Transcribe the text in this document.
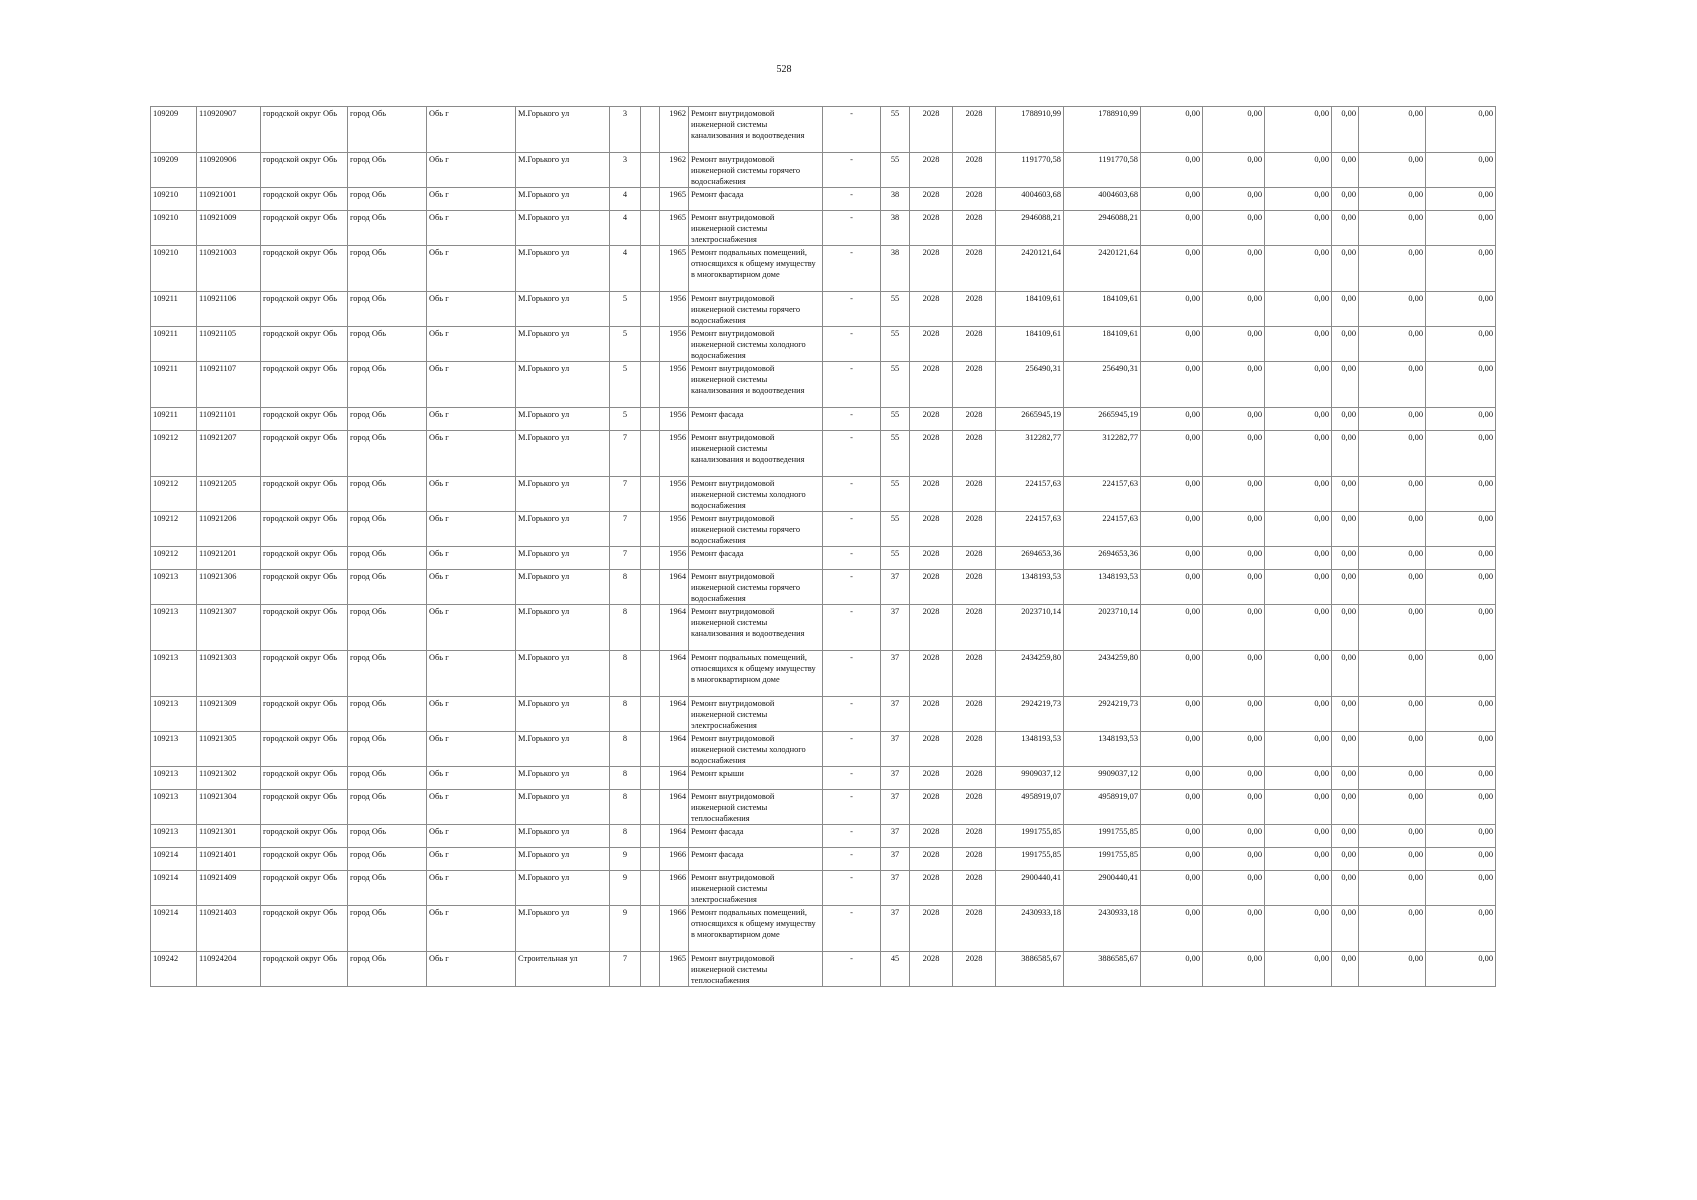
528
109209	110920907	городской округ Обь	город Обь	Обь г	М.Горького ул	3		1962	Ремонт внутридомовой инженерной системы канализования и водоотведения	-	55	2028	2028	1788910,99	1788910,99	0,00	0,00	0,00	0,00	0,00	0,00
109209	110920906	городской округ Обь	город Обь	Обь г	М.Горького ул	3		1962	Ремонт внутридомовой инженерной системы горячего водоснабжения	-	55	2028	2028	1191770,58	1191770,58	0,00	0,00	0,00	0,00	0,00	0,00
109210	110921001	городской округ Обь	город Обь	Обь г	М.Горького ул	4		1965	Ремонт фасада	-	38	2028	2028	4004603,68	4004603,68	0,00	0,00	0,00	0,00	0,00	0,00
109210	110921009	городской округ Обь	город Обь	Обь г	М.Горького ул	4		1965	Ремонт внутридомовой инженерной системы электроснабжения	-	38	2028	2028	2946088,21	2946088,21	0,00	0,00	0,00	0,00	0,00	0,00
109210	110921003	городской округ Обь	город Обь	Обь г	М.Горького ул	4		1965	Ремонт подвальных помещений, относящихся к общему имуществу в многоквартирном доме	-	38	2028	2028	2420121,64	2420121,64	0,00	0,00	0,00	0,00	0,00	0,00
109211	110921106	городской округ Обь	город Обь	Обь г	М.Горького ул	5		1956	Ремонт внутридомовой инженерной системы горячего водоснабжения	-	55	2028	2028	184109,61	184109,61	0,00	0,00	0,00	0,00	0,00	0,00
109211	110921105	городской округ Обь	город Обь	Обь г	М.Горького ул	5		1956	Ремонт внутридомовой инженерной системы холодного водоснабжения	-	55	2028	2028	184109,61	184109,61	0,00	0,00	0,00	0,00	0,00	0,00
109211	110921107	городской округ Обь	город Обь	Обь г	М.Горького ул	5		1956	Ремонт внутридомовой инженерной системы канализования и водоотведения	-	55	2028	2028	256490,31	256490,31	0,00	0,00	0,00	0,00	0,00	0,00
109211	110921101	городской округ Обь	город Обь	Обь г	М.Горького ул	5		1956	Ремонт фасада	-	55	2028	2028	2665945,19	2665945,19	0,00	0,00	0,00	0,00	0,00	0,00
109212	110921207	городской округ Обь	город Обь	Обь г	М.Горького ул	7		1956	Ремонт внутридомовой инженерной системы канализования и водоотведения	-	55	2028	2028	312282,77	312282,77	0,00	0,00	0,00	0,00	0,00	0,00
109212	110921205	городской округ Обь	город Обь	Обь г	М.Горького ул	7		1956	Ремонт внутридомовой инженерной системы холодного водоснабжения	-	55	2028	2028	224157,63	224157,63	0,00	0,00	0,00	0,00	0,00	0,00
109212	110921206	городской округ Обь	город Обь	Обь г	М.Горького ул	7		1956	Ремонт внутридомовой инженерной системы горячего водоснабжения	-	55	2028	2028	224157,63	224157,63	0,00	0,00	0,00	0,00	0,00	0,00
109212	110921201	городской округ Обь	город Обь	Обь г	М.Горького ул	7		1956	Ремонт фасада	-	55	2028	2028	2694653,36	2694653,36	0,00	0,00	0,00	0,00	0,00	0,00
109213	110921306	городской округ Обь	город Обь	Обь г	М.Горького ул	8		1964	Ремонт внутридомовой инженерной системы горячего водоснабжения	-	37	2028	2028	1348193,53	1348193,53	0,00	0,00	0,00	0,00	0,00	0,00
109213	110921307	городской округ Обь	город Обь	Обь г	М.Горького ул	8		1964	Ремонт внутридомовой инженерной системы канализования и водоотведения	-	37	2028	2028	2023710,14	2023710,14	0,00	0,00	0,00	0,00	0,00	0,00
109213	110921303	городской округ Обь	город Обь	Обь г	М.Горького ул	8		1964	Ремонт подвальных помещений, относящихся к общему имуществу в многоквартирном доме	-	37	2028	2028	2434259,80	2434259,80	0,00	0,00	0,00	0,00	0,00	0,00
109213	110921309	городской округ Обь	город Обь	Обь г	М.Горького ул	8		1964	Ремонт внутридомовой инженерной системы электроснабжения	-	37	2028	2028	2924219,73	2924219,73	0,00	0,00	0,00	0,00	0,00	0,00
109213	110921305	городской округ Обь	город Обь	Обь г	М.Горького ул	8		1964	Ремонт внутридомовой инженерной системы холодного водоснабжения	-	37	2028	2028	1348193,53	1348193,53	0,00	0,00	0,00	0,00	0,00	0,00
109213	110921302	городской округ Обь	город Обь	Обь г	М.Горького ул	8		1964	Ремонт крыши	-	37	2028	2028	9909037,12	9909037,12	0,00	0,00	0,00	0,00	0,00	0,00
109213	110921304	городской округ Обь	город Обь	Обь г	М.Горького ул	8		1964	Ремонт внутридомовой инженерной системы теплоснабжения	-	37	2028	2028	4958919,07	4958919,07	0,00	0,00	0,00	0,00	0,00	0,00
109213	110921301	городской округ Обь	город Обь	Обь г	М.Горького ул	8		1964	Ремонт фасада	-	37	2028	2028	1991755,85	1991755,85	0,00	0,00	0,00	0,00	0,00	0,00
109214	110921401	городской округ Обь	город Обь	Обь г	М.Горького ул	9		1966	Ремонт фасада	-	37	2028	2028	1991755,85	1991755,85	0,00	0,00	0,00	0,00	0,00	0,00
109214	110921409	городской округ Обь	город Обь	Обь г	М.Горького ул	9		1966	Ремонт внутридомовой инженерной системы электроснабжения	-	37	2028	2028	2900440,41	2900440,41	0,00	0,00	0,00	0,00	0,00	0,00
109214	110921403	городской округ Обь	город Обь	Обь г	М.Горького ул	9		1966	Ремонт подвальных помещений, относящихся к общему имуществу в многоквартирном доме	-	37	2028	2028	2430933,18	2430933,18	0,00	0,00	0,00	0,00	0,00	0,00
109242	110924204	городской округ Обь	город Обь	Обь г	Строительная ул	7		1965	Ремонт внутридомовой инженерной системы теплоснабжения	-	45	2028	2028	3886585,67	3886585,67	0,00	0,00	0,00	0,00	0,00	0,00
